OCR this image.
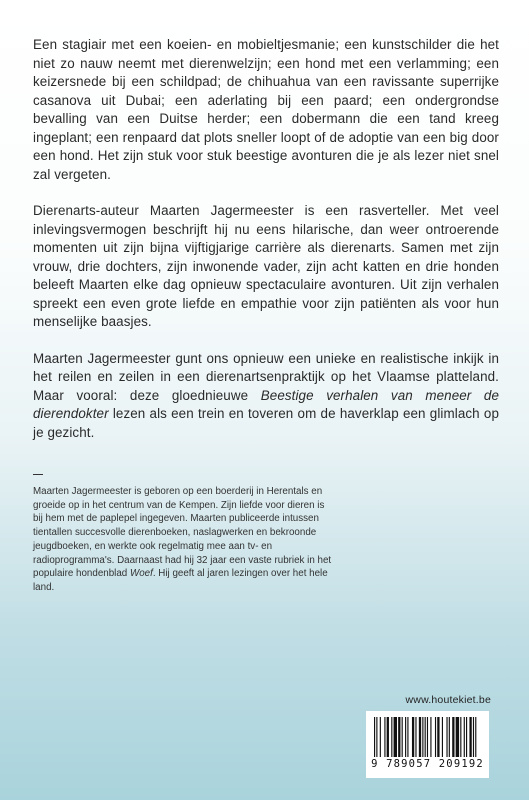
Een stagiair met een koeien- en mobieltjesmanie; een kunstschilder die het niet zo nauw neemt met dierenwelzijn; een hond met een verlamming; een keizersnede bij een schildpad; de chihuahua van een ravissante superrijke casanova uit Dubai; een aderlating bij een paard; een ondergrondse bevalling van een Duitse herder; een dobermann die een tand kreeg ingeplant; een renpaard dat plots sneller loopt of de adoptie van een big door een hond. Het zijn stuk voor stuk beestige avonturen die je als lezer niet snel zal vergeten.

Dierenarts-auteur Maarten Jagermeester is een rasverteller. Met veel inlevingsvermogen beschrijft hij nu eens hilarische, dan weer ontroerende momenten uit zijn bijna vijftigjarige carrière als dierenarts. Samen met zijn vrouw, drie dochters, zijn inwonende vader, zijn acht katten en drie honden beleeft Maarten elke dag opnieuw spectaculaire avonturen. Uit zijn verhalen spreekt een even grote liefde en empathie voor zijn patiënten als voor hun menselijke baasjes.

Maarten Jagermeester gunt ons opnieuw een unieke en realistische inkijk in het reilen en zeilen in een dierenartsenpraktijk op het Vlaamse platteland. Maar vooral: deze gloednieuwe Beestige verhalen van meneer de dierendokter lezen als een trein en toveren om de haverklap een glimlach op je gezicht.

Maarten Jagermeester is geboren op een boerderij in Herentals en groeide op in het centrum van de Kempen. Zijn liefde voor dieren is bij hem met de paplepel ingegeven. Maarten publiceerde intussen tientallen succesvolle dierenboeken, naslagwerken en bekroonde jeugdboeken, en werkte ook regelmatig mee aan tv- en radioprogramma's. Daarnaast had hij 32 jaar een vaste rubriek in het populaire hondenblad Woef. Hij geeft al jaren lezingen over het hele land.
www.houtekiet.be
9 789057 209192
